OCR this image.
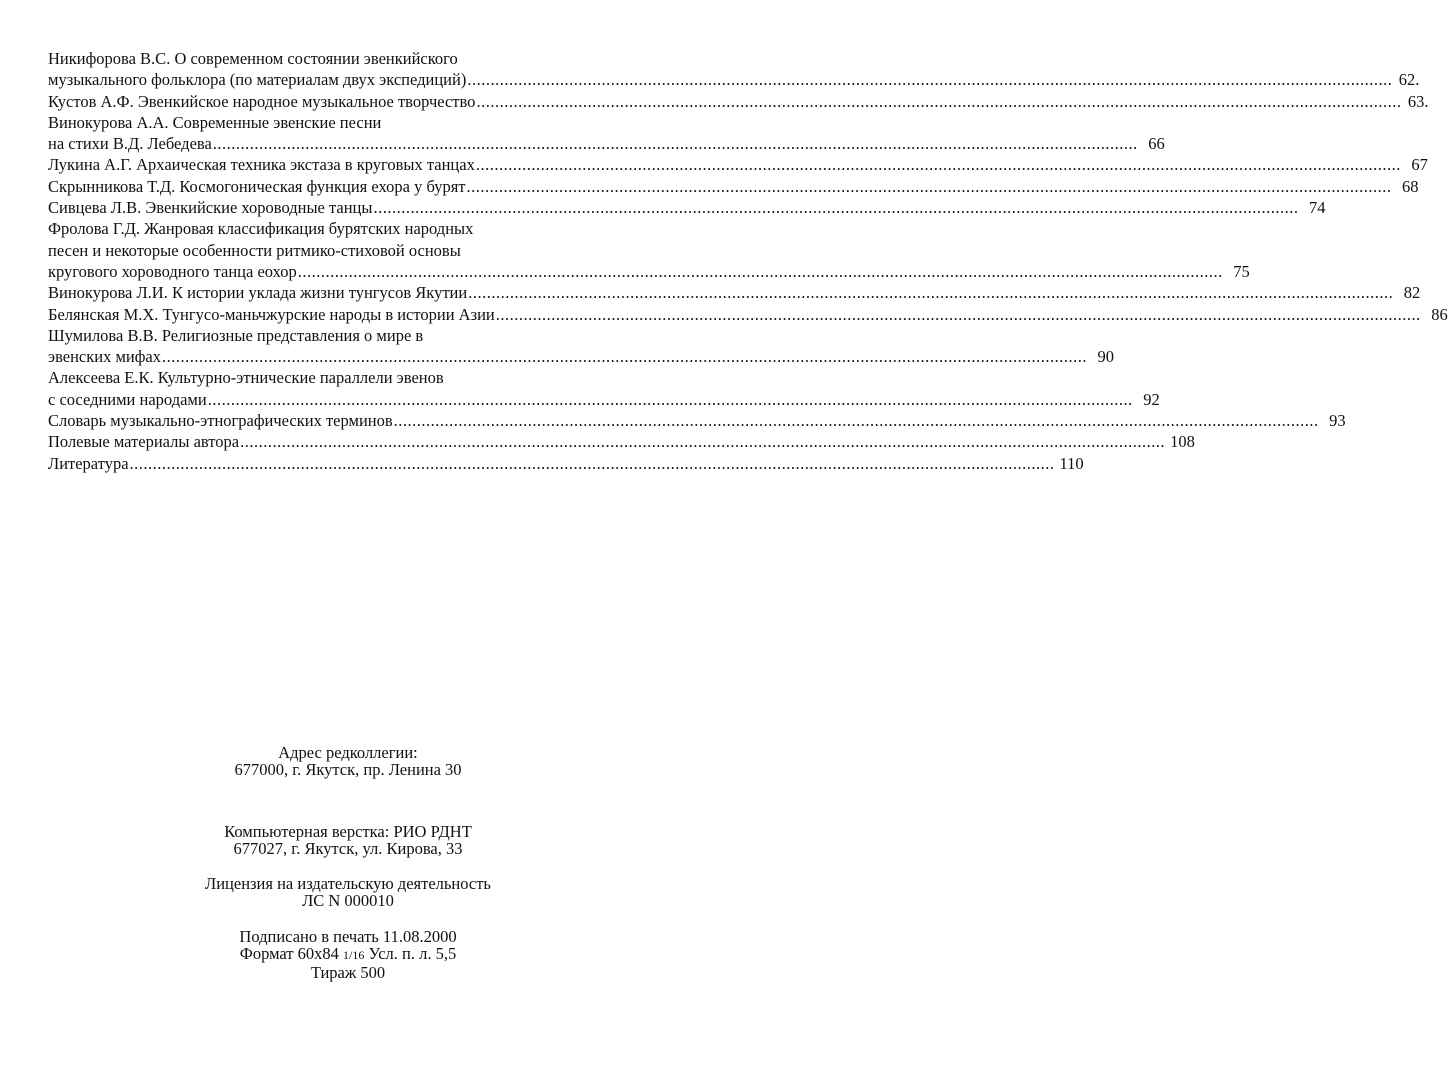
Никифорова В.С. О современном состоянии эвенкийского
музыкального фольклора (по материалам двух экспедиций) ........................................................................................................................................................................................................ 62.
Кустов А.Ф. Эвенкийское народное музыкальное творчество ........................................................................................................................................................................................................ 63.
Винокурова А.А. Современные эвенские песни
на стихи В.Д. Лебедева ........................................................................................................................................................................................................ 66
Лукина А.Г. Архаическая техника экстаза в круговых танцах ........................................................................................................................................................................................................ 67
Скрынникова Т.Д. Космогоническая функция ехора у бурят ........................................................................................................................................................................................................ 68
Сивцева Л.В. Эвенкийские хороводные танцы ........................................................................................................................................................................................................ 74
Фролова Г.Д. Жанровая классификация бурятских народных
песен и некоторые особенности ритмико-стиховой основы
кругового хороводного танца еохор ........................................................................................................................................................................................................ 75
Винокурова Л.И. К истории уклада жизни тунгусов Якутии ........................................................................................................................................................................................................ 82
Белянская М.Х. Тунгусо-маньчжурские народы в истории Азии ........................................................................................................................................................................................................ 86
Шумилова В.В. Религиозные представления о мире в
эвенских мифах ........................................................................................................................................................................................................ 90
Алексеева Е.К. Культурно-этнические параллели эвенов
с соседними народами ........................................................................................................................................................................................................ 92
Словарь музыкально-этнографических терминов ........................................................................................................................................................................................................ 93
Полевые материалы автора ........................................................................................................................................................................................................ 108
Литература ........................................................................................................................................................................................................ 110
Адрес редколлегии:
677000, г. Якутск, пр. Ленина 30
Компьютерная верстка: РИО РДНТ
677027, г. Якутск, ул. Кирова, 33
Лицензия на издательскую деятельность
ЛС N 000010
Подписано в печать 11.08.2000
Формат 60х84 1/16 Усл. п. л. 5,5
Тираж 500
